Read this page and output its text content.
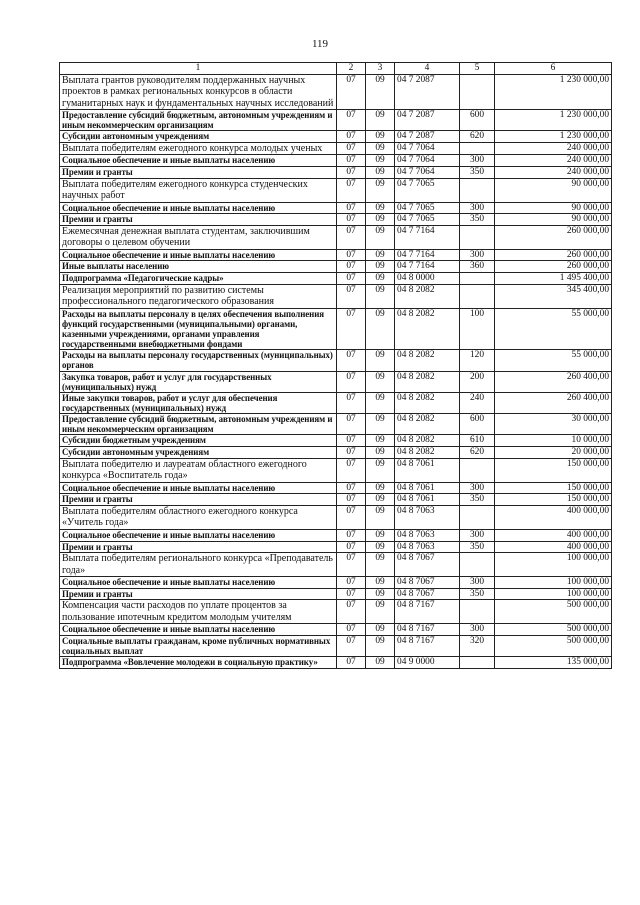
119
1	2	3	4	5	6
Выплата грантов руководителям поддержанных научных проектов в рамках региональных конкурсов в области гуманитарных наук и фундаментальных научных исследований	07	09	04 7 2087		1 230 000,00
Предоставление субсидий бюджетным, автономным учреждениям и иным некоммерческим организациям	07	09	04 7 2087	600	1 230 000,00
Субсидии автономным учреждениям	07	09	04 7 2087	620	1 230 000,00
Выплата победителям ежегодного конкурса молодых ученых	07	09	04 7 7064		240 000,00
Социальное обеспечение и иные выплаты населению	07	09	04 7 7064	300	240 000,00
Премии и гранты	07	09	04 7 7064	350	240 000,00
Выплата победителям ежегодного конкурса студенческих научных работ	07	09	04 7 7065		90 000,00
Социальное обеспечение и иные выплаты населению	07	09	04 7 7065	300	90 000,00
Премии и гранты	07	09	04 7 7065	350	90 000,00
Ежемесячная денежная выплата студентам, заключившим договоры о целевом обучении	07	09	04 7 7164		260 000,00
Социальное обеспечение и иные выплаты населению	07	09	04 7 7164	300	260 000,00
Иные выплаты населению	07	09	04 7 7164	360	260 000,00
Подпрограмма «Педагогические кадры»	07	09	04 8 0000		1 495 400,00
Реализация мероприятий по развитию системы профессионального педагогического образования	07	09	04 8 2082		345 400,00
Расходы на выплаты персоналу в целях обеспечения выполнения функций государственными (муниципальными) органами, казенными учреждениями, органами управления государственными внебюджетными фондами	07	09	04 8 2082	100	55 000,00
Расходы на выплаты персоналу государственных (муниципальных) органов	07	09	04 8 2082	120	55 000,00
Закупка товаров, работ и услуг для государственных (муниципальных) нужд	07	09	04 8 2082	200	260 400,00
Иные закупки товаров, работ и услуг для обеспечения государственных (муниципальных) нужд	07	09	04 8 2082	240	260 400,00
Предоставление субсидий бюджетным, автономным учреждениям и иным некоммерческим организациям	07	09	04 8 2082	600	30 000,00
Субсидии бюджетным учреждениям	07	09	04 8 2082	610	10 000,00
Субсидии автономным учреждениям	07	09	04 8 2082	620	20 000,00
Выплата победителю и лауреатам областного ежегодного конкурса «Воспитатель года»	07	09	04 8 7061		150 000,00
Социальное обеспечение и иные выплаты населению	07	09	04 8 7061	300	150 000,00
Премии и гранты	07	09	04 8 7061	350	150 000,00
Выплата победителям областного ежегодного конкурса «Учитель года»	07	09	04 8 7063		400 000,00
Социальное обеспечение и иные выплаты населению	07	09	04 8 7063	300	400 000,00
Премии и гранты	07	09	04 8 7063	350	400 000,00
Выплата победителям регионального конкурса «Преподаватель года»	07	09	04 8 7067		100 000,00
Социальное обеспечение и иные выплаты населению	07	09	04 8 7067	300	100 000,00
Премии и гранты	07	09	04 8 7067	350	100 000,00
Компенсация части расходов по уплате процентов за пользование ипотечным кредитом молодым учителям	07	09	04 8 7167		500 000,00
Социальное обеспечение и иные выплаты населению	07	09	04 8 7167	300	500 000,00
Социальные выплаты гражданам, кроме публичных нормативных социальных выплат	07	09	04 8 7167	320	500 000,00
Подпрограмма «Вовлечение молодежи в социальную практику»	07	09	04 9 0000		135 000,00
